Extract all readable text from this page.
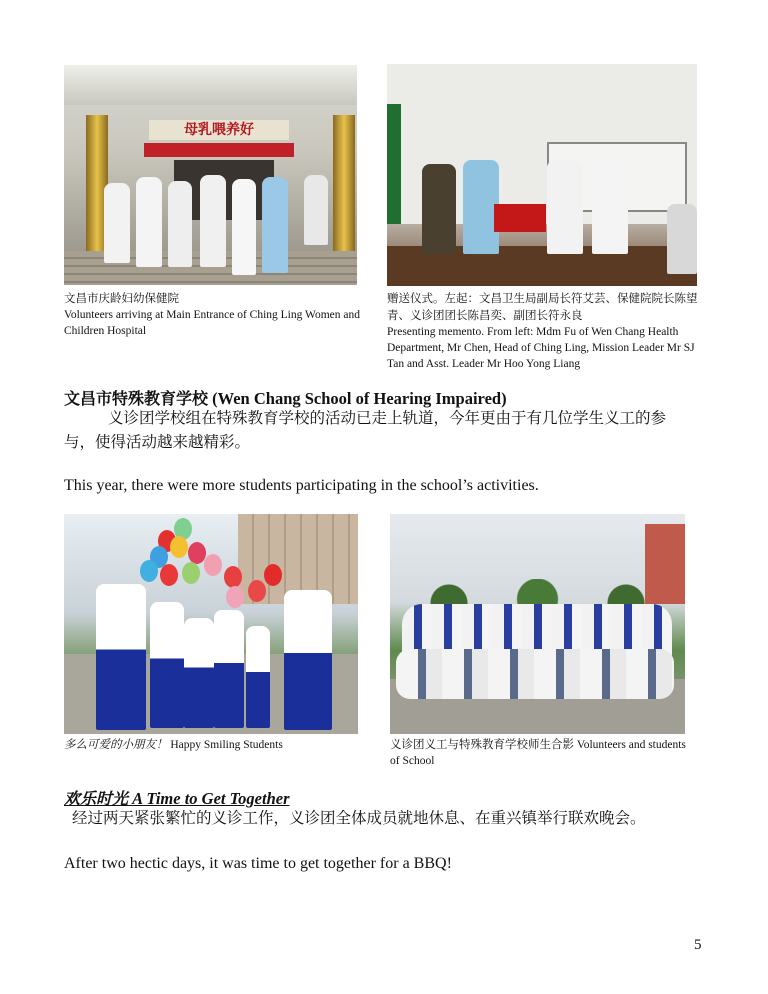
母乳喂养好
文昌市庆龄妇幼保健院
Volunteers arriving at Main Entrance of Ching Ling Women and Children Hospital
赠送仪式。左起：文昌卫生局副局长符艾芸、保健院院长陈望青、义诊团团长陈昌奕、副团长符永良
Presenting memento. From left: Mdm Fu of Wen Chang Health Department, Mr Chen, Head of Ching Ling, Mission Leader Mr SJ Tan and Asst. Leader Mr Hoo Yong Liang
文昌市特殊教育学校 (Wen Chang School of Hearing Impaired)
义诊团学校组在特殊教育学校的活动已走上轨道，今年更由于有几位学生义工的参与，使得活动越来越精彩。
This year, there were more students participating in the school’s activities.
多么可爱的小朋友！ Happy Smiling Students	义诊团义工与特殊教育学校师生合影 Volunteers and students of School
欢乐时光 A Time to Get Together
经过两天紧张繁忙的义诊工作，义诊团全体成员就地休息、在重兴镇举行联欢晚会。
After two hectic days, it was time to get together for a BBQ!
5
